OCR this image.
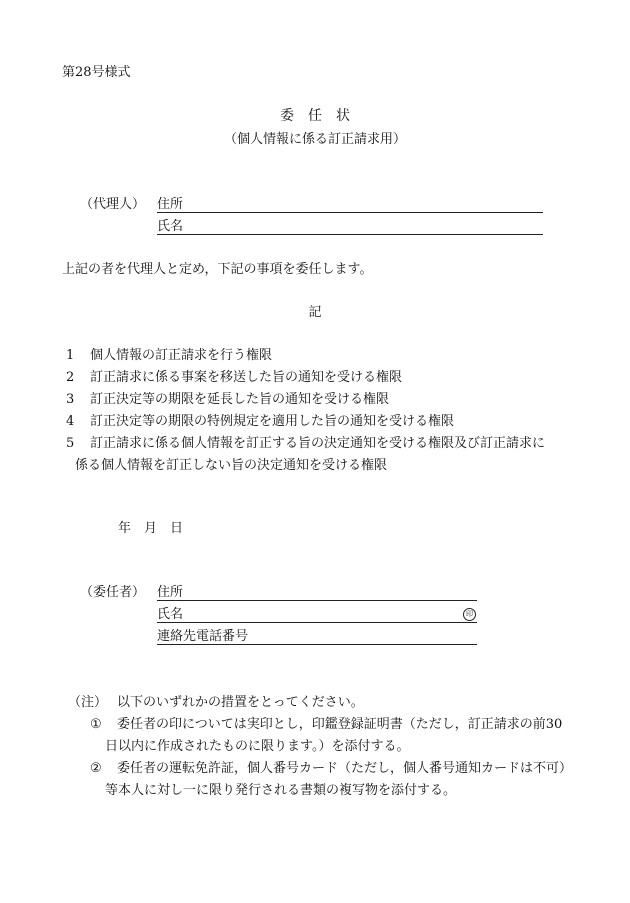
第28号様式
委　任　状
（個人情報に係る訂正請求用）
（代理人） 住所
氏名
上記の者を代理人と定め，下記の事項を委任します。
記
1 個人情報の訂正請求を行う権限
2 訂正請求に係る事案を移送した旨の通知を受ける権限
3 訂正決定等の期限を延長した旨の通知を受ける権限
4 訂正決定等の期限の特例規定を適用した旨の通知を受ける権限
5 訂正請求に係る個人情報を訂正する旨の決定通知を受ける権限及び訂正請求に
係る個人情報を訂正しない旨の決定通知を受ける権限
年　月　日
（委任者） 住所
氏名	印
連絡先電話番号
（注） 以下のいずれかの措置をとってください。
① 委任者の印については実印とし，印鑑登録証明書（ただし，訂正請求の前30
日以内に作成されたものに限ります。）を添付する。
② 委任者の運転免許証，個人番号カード（ただし，個人番号通知カードは不可）
等本人に対し一に限り発行される書類の複写物を添付する。
